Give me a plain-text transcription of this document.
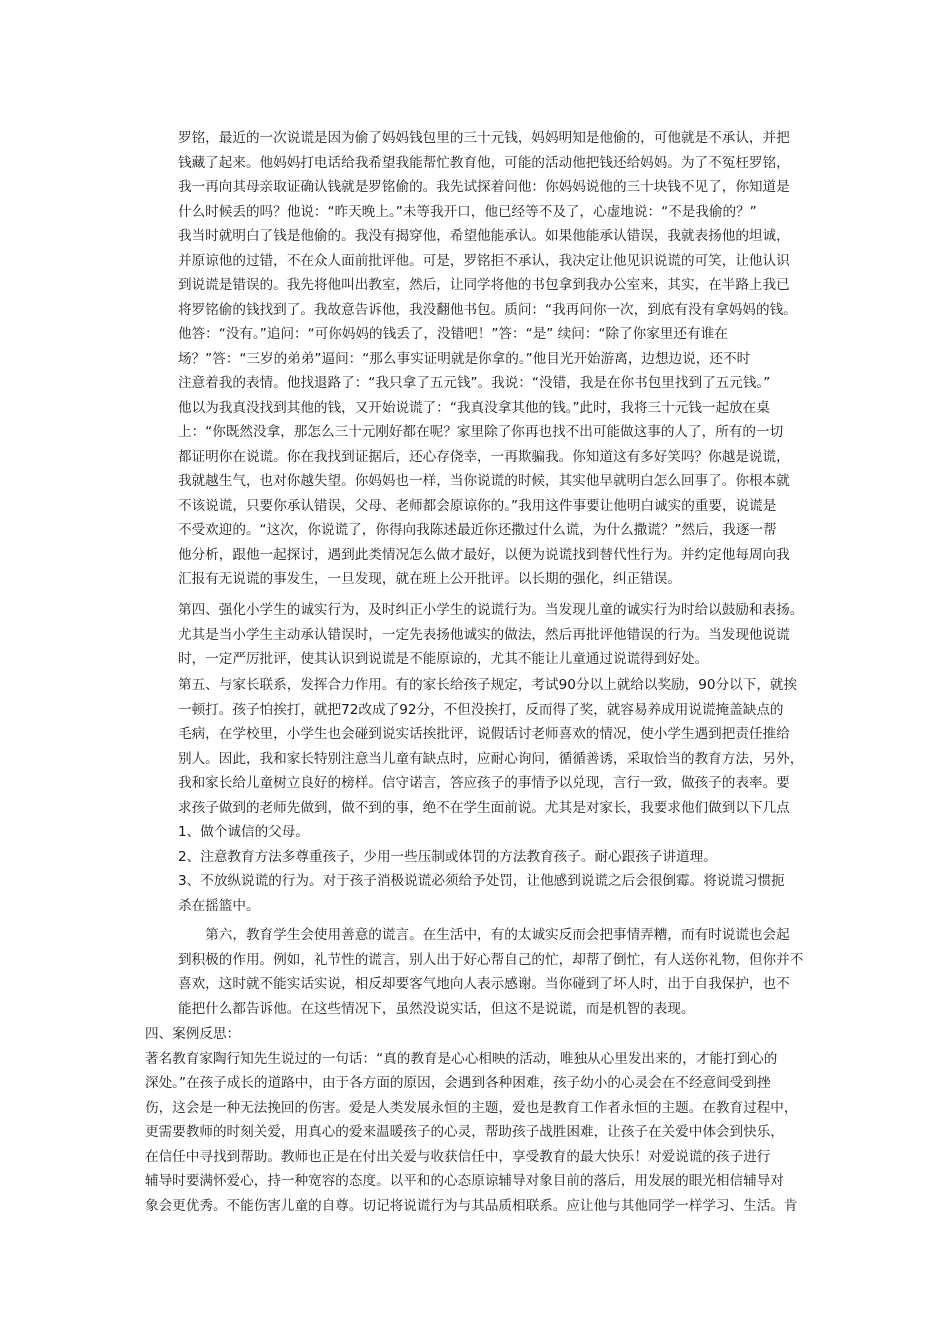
罗铭，最近的一次说谎是因为偷了妈妈钱包里的三十元钱，妈妈明知是他偷的，可他就是不承认，并把
钱藏了起来。他妈妈打电话给我希望我能帮忙教育他，可能的活动他把钱还给妈妈。为了不冤枉罗铭，
我一再向其母亲取证确认钱就是罗铭偷的。我先试探着问他：你妈妈说他的三十块钱不见了，你知道是
什么时候丢的吗？他说：“昨天晚上。”未等我开口，他已经等不及了，心虚地说：“不是我偷的？”
我当时就明白了钱是他偷的。我没有揭穿他，希望他能承认。如果他能承认错误，我就表扬他的坦诚，
并原谅他的过错，不在众人面前批评他。可是，罗铭拒不承认，我决定让他见识说谎的可笑，让他认识
到说谎是错误的。我先将他叫出教室，然后，让同学将他的书包拿到我办公室来，其实，在半路上我已
将罗铭偷的钱找到了。我故意告诉他，我没翻他书包。质问：“我再问你一次，到底有没有拿妈妈的钱。
他答：“没有。”追问：“可你妈妈的钱丢了，没错吧！”答：“是” 续问：“除了你家里还有谁在
场？”答：“三岁的弟弟”逼问：“那么事实证明就是你拿的。”他目光开始游离，边想边说，还不时
注意着我的表情。他找退路了：“我只拿了五元钱”。我说：“没错，我是在你书包里找到了五元钱。”
他以为我真没找到其他的钱，又开始说谎了：“我真没拿其他的钱。”此时，我将三十元钱一起放在桌
上：“你既然没拿，那怎么三十元刚好都在呢？家里除了你再也找不出可能做这事的人了，所有的一切
都证明你在说谎。你在我找到证据后，还心存侥幸，一再欺骗我。你知道这有多好笑吗？你越是说谎，
我就越生气，也对你越失望。你妈妈也一样，当你说谎的时候，其实他早就明白怎么回事了。你根本就
不该说谎，只要你承认错误，父母、老师都会原谅你的。”我用这件事要让他明白诚实的重要，说谎是
不受欢迎的。“这次，你说谎了，你得向我陈述最近你还撒过什么谎，为什么撒谎？”然后，我逐一帮
他分析，跟他一起探讨，遇到此类情况怎么做才最好，以便为说谎找到替代性行为。并约定他每周向我
汇报有无说谎的事发生，一旦发现，就在班上公开批评。以长期的强化，纠正错误。
第四、强化小学生的诚实行为，及时纠正小学生的说谎行为。当发现儿童的诚实行为时给以鼓励和表扬。
尤其是当小学生主动承认错误时，一定先表扬他诚实的做法，然后再批评他错误的行为。当发现他说谎
时，一定严厉批评，使其认识到说谎是不能原谅的，尤其不能让儿童通过说谎得到好处。
第五、与家长联系，发挥合力作用。有的家长给孩子规定，考试90分以上就给以奖励，90分以下，就挨
一顿打。孩子怕挨打，就把72改成了92分，不但没挨打，反而得了奖，就容易养成用说谎掩盖缺点的
毛病，在学校里，小学生也会碰到说实话挨批评，说假话讨老师喜欢的情况，使小学生遇到把责任推给
别人。因此，我和家长特别注意当儿童有缺点时，应耐心询问，循循善诱，采取恰当的教育方法，另外，
我和家长给儿童树立良好的榜样。信守诺言，答应孩子的事情予以兑现，言行一致，做孩子的表率。要
求孩子做到的老师先做到，做不到的事，绝不在学生面前说。尤其是对家长，我要求他们做到以下几点
1、做个诚信的父母。
2、注意教育方法多尊重孩子，少用一些压制或体罚的方法教育孩子。耐心跟孩子讲道理。
3、不放纵说谎的行为。对于孩子消极说谎必须给予处罚，让他感到说谎之后会很倒霉。将说谎习惯扼
杀在摇篮中。
　　第六，教育学生会使用善意的谎言。在生活中，有的太诚实反而会把事情弄糟，而有时说谎也会起
到积极的作用。例如，礼节性的谎言，别人出于好心帮自己的忙，却帮了倒忙，有人送你礼物，但你并不
喜欢，这时就不能实话实说，相反却要客气地向人表示感谢。当你碰到了坏人时，出于自我保护，也不
能把什么都告诉他。在这些情况下，虽然没说实话，但这不是说谎，而是机智的表现。
四、案例反思：
著名教育家陶行知先生说过的一句话：“真的教育是心心相映的活动，唯独从心里发出来的，才能打到心的
深处。”在孩子成长的道路中，由于各方面的原因，会遇到各种困难，孩子幼小的心灵会在不经意间受到挫
伤，这会是一种无法挽回的伤害。爱是人类发展永恒的主题，爱也是教育工作者永恒的主题。在教育过程中，
更需要教师的时刻关爱，用真心的爱来温暖孩子的心灵，帮助孩子战胜困难，让孩子在关爱中体会到快乐，
在信任中寻找到帮助。教师也正是在付出关爱与收获信任中，享受教育的最大快乐！对爱说谎的孩子进行
辅导时要满怀爱心，持一种宽容的态度。以平和的心态原谅辅导对象目前的落后，用发展的眼光相信辅导对
象会更优秀。不能伤害儿童的自尊。切记将说谎行为与其品质相联系。应让他与其他同学一样学习、生活。肯
